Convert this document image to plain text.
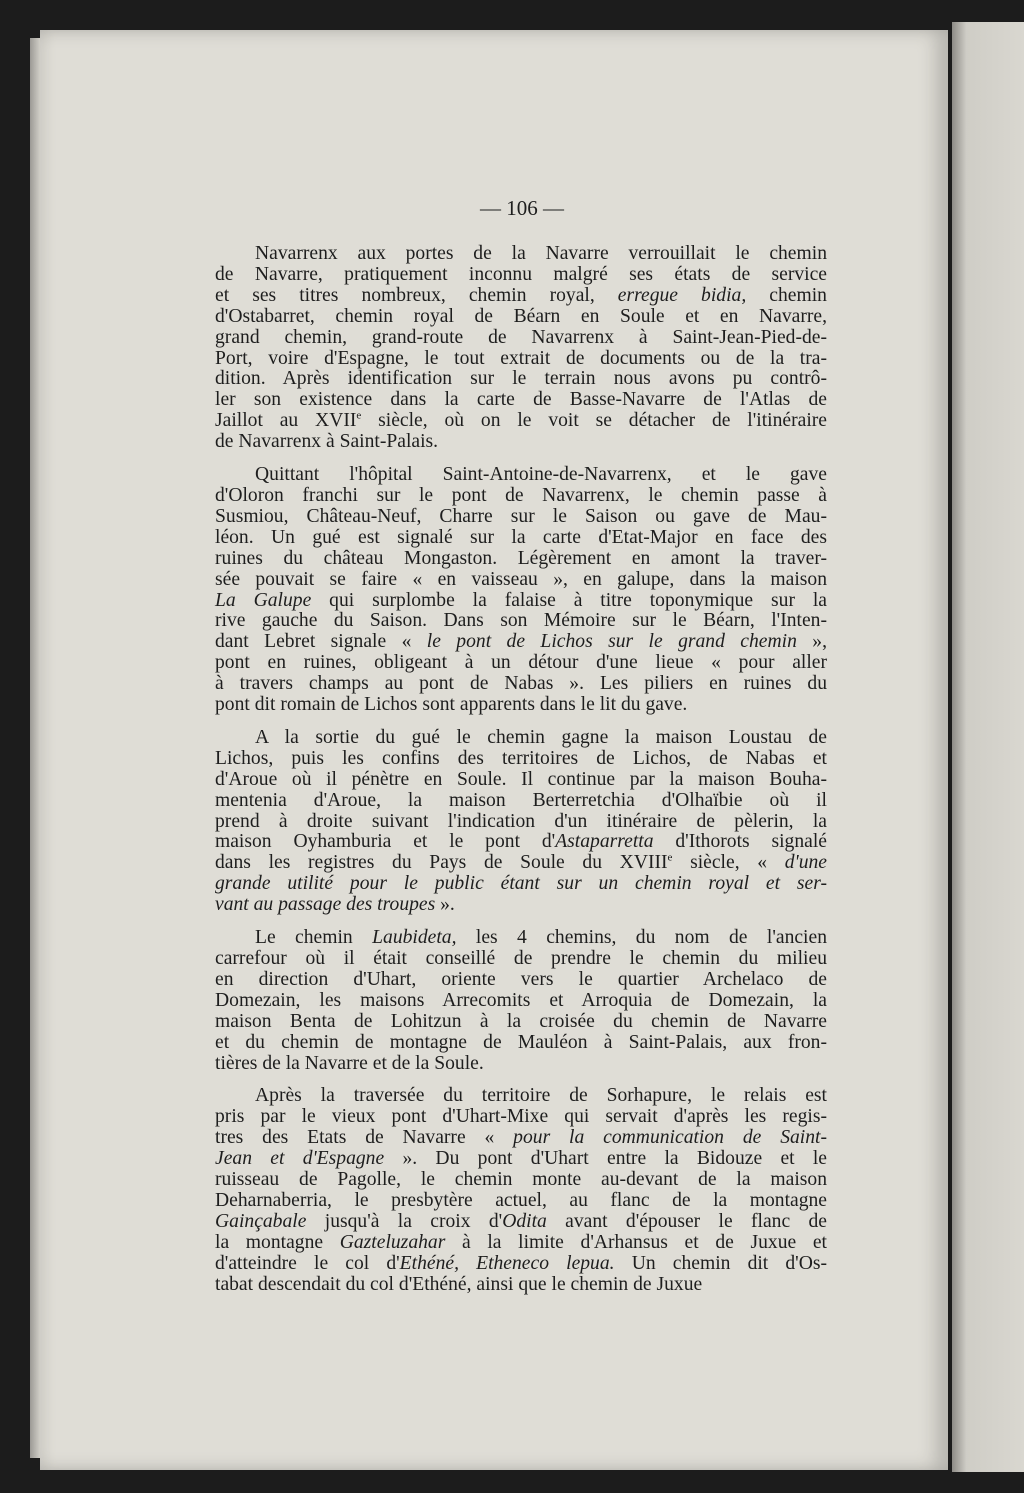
— 106 —
Navarrenx aux portes de la Navarre verrouillait le chemin
de Navarre, pratiquement inconnu malgré ses états de service
et ses titres nombreux, chemin royal, erregue bidia, chemin
d'Ostabarret, chemin royal de Béarn en Soule et en Navarre,
grand chemin, grand-route de Navarrenx à Saint-Jean-Pied-de-
Port, voire d'Espagne, le tout extrait de documents ou de la tra-
dition. Après identification sur le terrain nous avons pu contrô-
ler son existence dans la carte de Basse-Navarre de l'Atlas de
Jaillot au XVIIe siècle, où on le voit se détacher de l'itinéraire
de Navarrenx à Saint-Palais.
Quittant l'hôpital Saint-Antoine-de-Navarrenx, et le gave
d'Oloron franchi sur le pont de Navarrenx, le chemin passe à
Susmiou, Château-Neuf, Charre sur le Saison ou gave de Mau-
léon. Un gué est signalé sur la carte d'Etat-Major en face des
ruines du château Mongaston. Légèrement en amont la traver-
sée pouvait se faire « en vaisseau », en galupe, dans la maison
La Galupe qui surplombe la falaise à titre toponymique sur la
rive gauche du Saison. Dans son Mémoire sur le Béarn, l'Inten-
dant Lebret signale « le pont de Lichos sur le grand chemin »,
pont en ruines, obligeant à un détour d'une lieue « pour aller
à travers champs au pont de Nabas ». Les piliers en ruines du
pont dit romain de Lichos sont apparents dans le lit du gave.
A la sortie du gué le chemin gagne la maison Loustau de
Lichos, puis les confins des territoires de Lichos, de Nabas et
d'Aroue où il pénètre en Soule. Il continue par la maison Bouha-
mentenia d'Aroue, la maison Berterretchia d'Olhaïbie où il
prend à droite suivant l'indication d'un itinéraire de pèlerin, la
maison Oyhamburia et le pont d'Astaparretta d'Ithorots signalé
dans les registres du Pays de Soule du XVIIIe siècle, « d'une
grande utilité pour le public étant sur un chemin royal et ser-
vant au passage des troupes ».
Le chemin Laubideta, les 4 chemins, du nom de l'ancien
carrefour où il était conseillé de prendre le chemin du milieu
en direction d'Uhart, oriente vers le quartier Archelaco de
Domezain, les maisons Arrecomits et Arroquia de Domezain, la
maison Benta de Lohitzun à la croisée du chemin de Navarre
et du chemin de montagne de Mauléon à Saint-Palais, aux fron-
tières de la Navarre et de la Soule.
Après la traversée du territoire de Sorhapure, le relais est
pris par le vieux pont d'Uhart-Mixe qui servait d'après les regis-
tres des Etats de Navarre « pour la communication de Saint-
Jean et d'Espagne ». Du pont d'Uhart entre la Bidouze et le
ruisseau de Pagolle, le chemin monte au-devant de la maison
Deharnaberria, le presbytère actuel, au flanc de la montagne
Gainçabale jusqu'à la croix d'Odita avant d'épouser le flanc de
la montagne Gazteluzahar à la limite d'Arhansus et de Juxue et
d'atteindre le col d'Ethéné, Etheneco lepua. Un chemin dit d'Os-
tabat descendait du col d'Ethéné, ainsi que le chemin de Juxue
